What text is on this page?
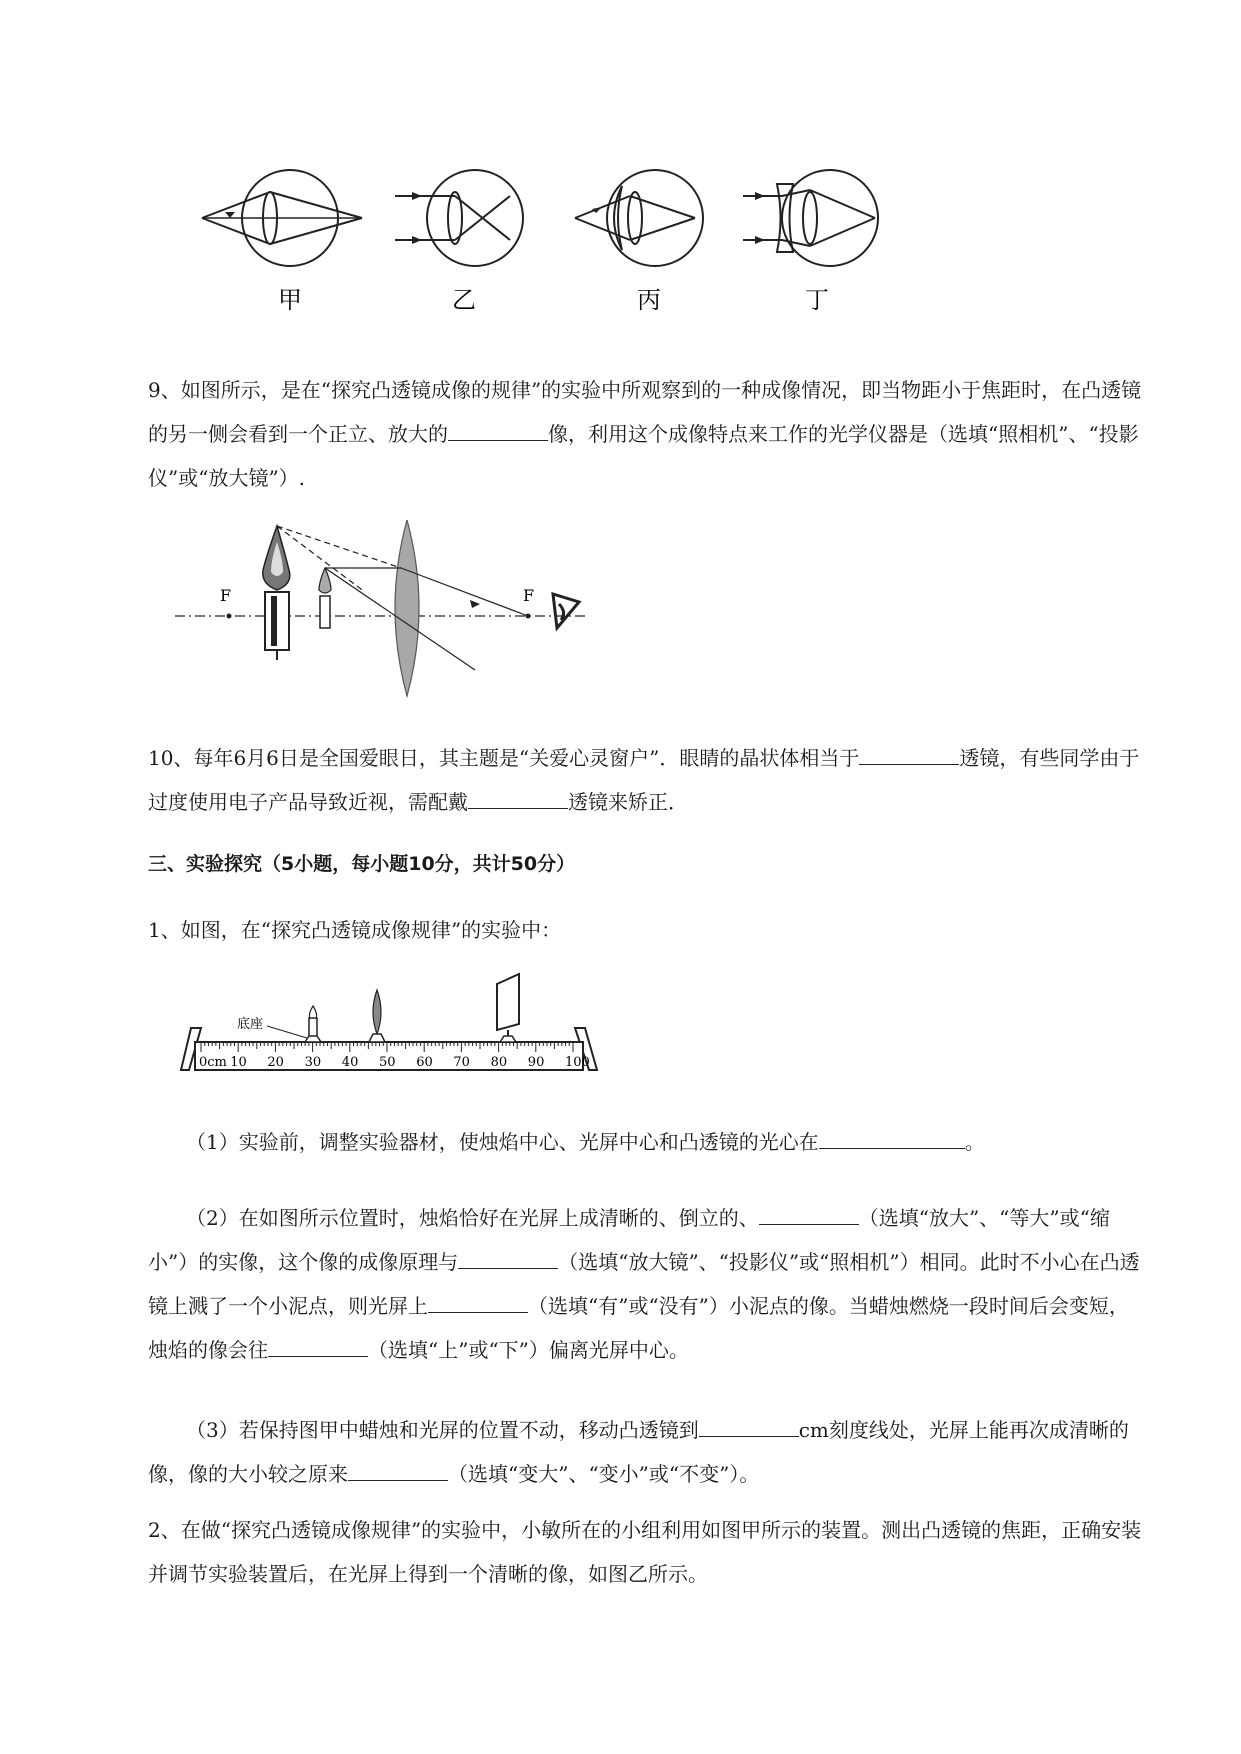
甲	乙	丙	丁
9、如图所示，是在“探究凸透镜成像的规律”的实验中所观察到的一种成像情况，即当物距小于焦距时，在凸透镜的另一侧会看到一个正立、放大的	像，利用这个成像特点来工作的光学仪器是（选填“照相机”、“投影仪”或“放大镜”）.
F	F
10、每年6月6日是全国爱眼日，其主题是“关爱心灵窗户”．眼睛的晶状体相当于	透镜，有些同学由于过度使用电子产品导致近视，需配戴	透镜来矫正．
三、实验探究（5小题，每小题10分，共计50分）
1、如图，在“探究凸透镜成像规律”的实验中：
0cm 10 20 30 40 50 60 70 80 90 100
底座
（1）实验前，调整实验器材，使烛焰中心、光屏中心和凸透镜的光心在	。
（2）在如图所示位置时，烛焰恰好在光屏上成清晰的、倒立的、	（选填“放大”、“等大”或“缩小”）的实像，这个像的成像原理与	（选填“放大镜”、“投影仪”或“照相机”）相同。此时不小心在凸透镜上溅了一个小泥点，则光屏上	（选填“有”或“没有”）小泥点的像。当蜡烛燃烧一段时间后会变短，烛焰的像会往	（选填“上”或“下”）偏离光屏中心。
（3）若保持图甲中蜡烛和光屏的位置不动，移动凸透镜到	cm刻度线处，光屏上能再次成清晰的像，像的大小较之原来	（选填“变大”、“变小”或“不变”）。
2、在做“探究凸透镜成像规律”的实验中，小敏所在的小组利用如图甲所示的装置。测出凸透镜的焦距，正确安装并调节实验装置后，在光屏上得到一个清晰的像，如图乙所示。
